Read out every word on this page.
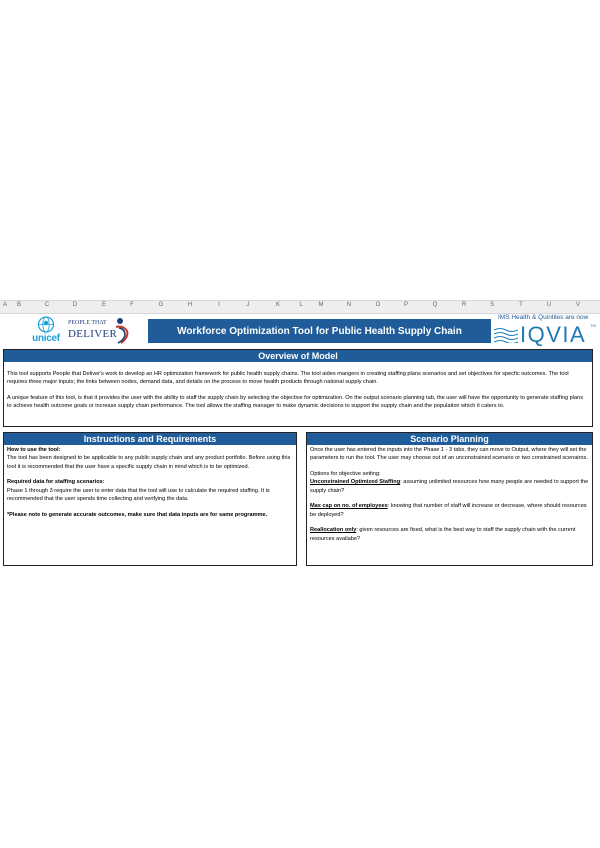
A B	C	D	E	F	G	H	I	J	K	L	M	N	O	P	Q	R	S	T	U	V
unicef
PEOPLE THAT
DELIVER	Workforce Optimization Tool for Public Health Supply Chain
IMS Health & Quintiles are now
IQVIA TM
Overview of Model

This tool supports People that Deliver's work to develop an HR optimization framework for public health supply chains. The tool aides mangers in creating staffing plans scenarios and set objectives for specfic outcomes. The tool requires three major inputs; the links between nodes, demand data, and details on the process to move health products through national supply chain.

A unique feature of this tool, is that it provides the user with the ability to staff the supply chain by selecting the objective for optimization. On the output scenario planning tab, the user will have the opportunity to generate staffing plans to achieve health outcome goals or increase supply chain performance. The tool allows the staffing manager to make dynamic decisions to support the supply chain and the population which it caters to.

Instructions and Requirements

How to use the tool:

The tool has been designed to be applicable to any public supply chain and any product portfolio. Before using this tool it is recommended that the user have a specific supply chain in mind which is to be optimized.

Required data for staffing scenarios:

Phase 1 through 3 require the user to enter data that the tool will use to calculate the required staffing. It is recommended that the user spends time collecting and verifying the data.

*Please note to generate accurate outcomes, make sure that data inputs are for same programme.

Scenario Planning

Once the user has entered the inputs into the Phase 1 - 3 tabs, they can move to Output, where they will set the parameters to run the tool. The user may choose out of an unconstrained scenario or two constrained scenairos.

Options for objective setting:

Unconstrained Optimized Staffing: assuming unlimited resources how many people are needed to support the supply chain?

Max cap on no. of employees: knowing that number of staff will increase or decrease, where should resources be deployed?

Reallocation only: given resources are fixed, what is the best way to staff the supply chain with the current resources availabe?
